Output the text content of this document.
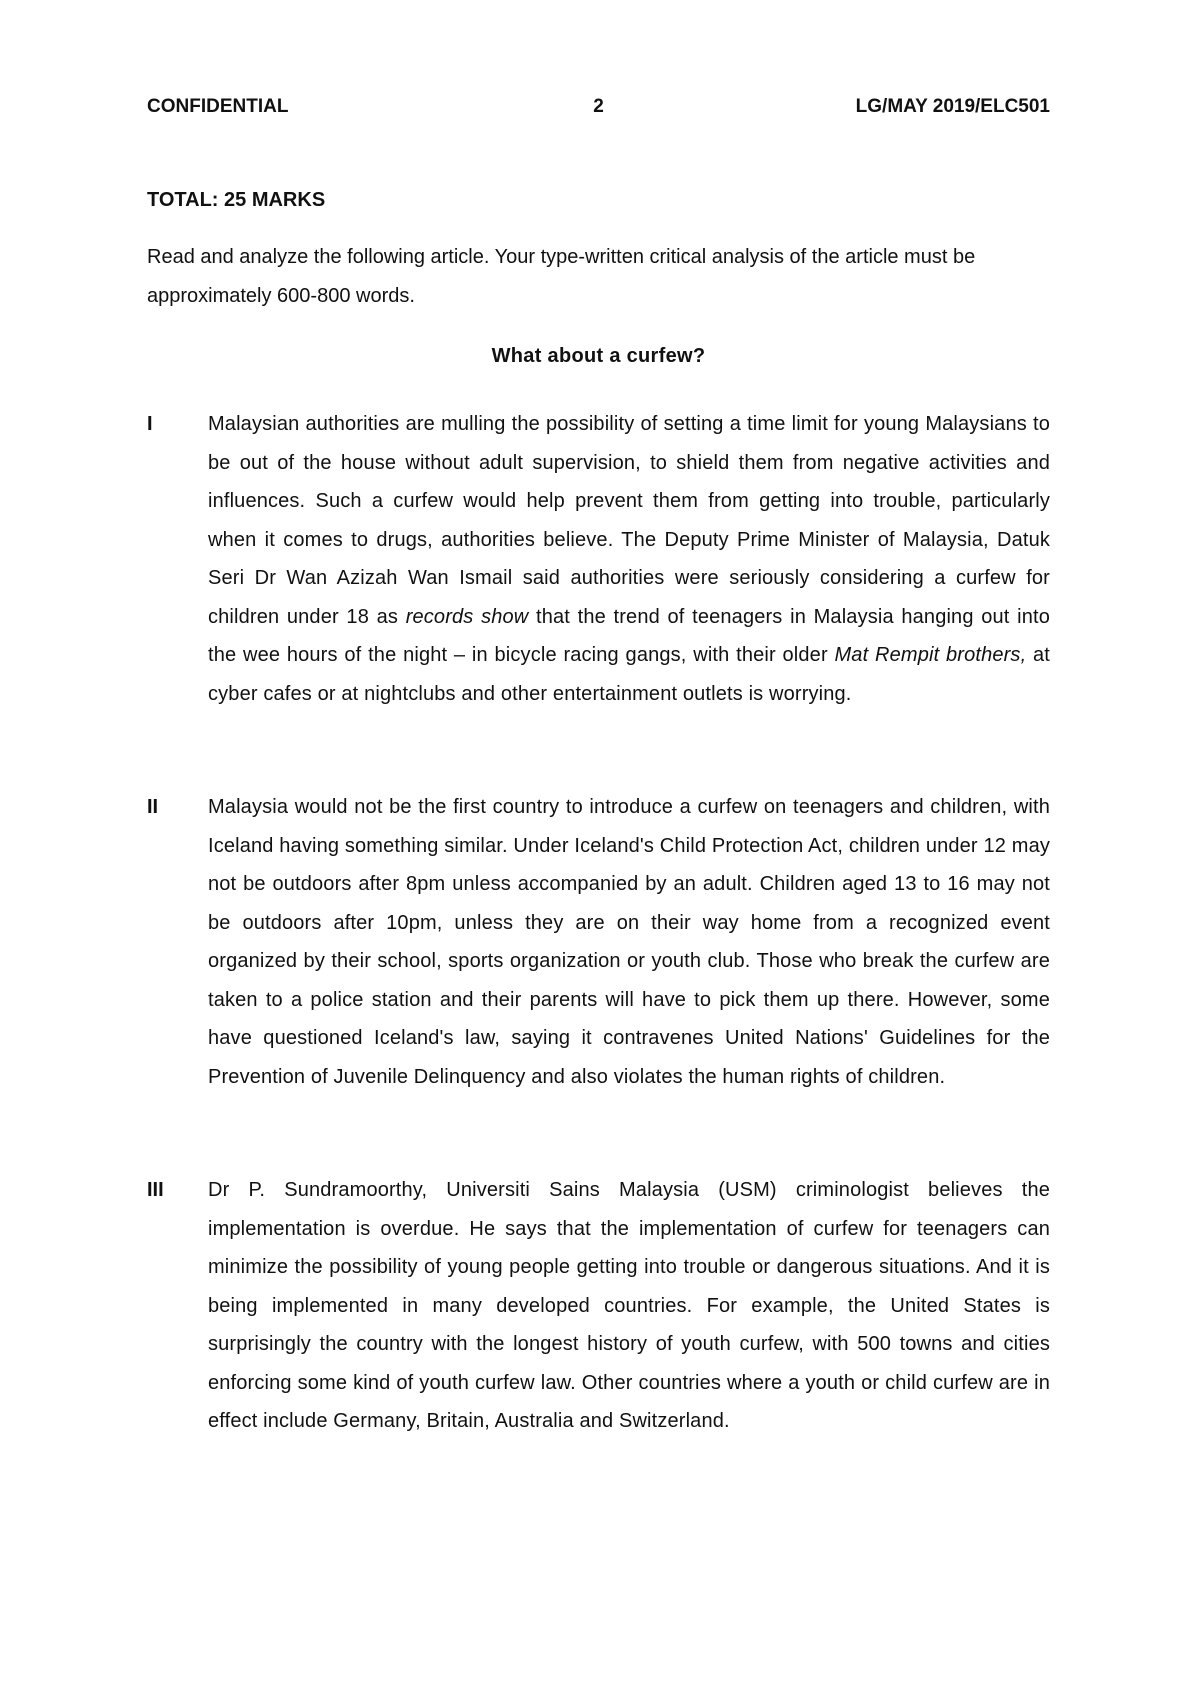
CONFIDENTIAL	2	LG/MAY 2019/ELC501
TOTAL: 25 MARKS
Read and analyze the following article. Your type-written critical analysis of the article must be approximately 600-800 words.
What about a curfew?
I	Malaysian authorities are mulling the possibility of setting a time limit for young Malaysians to be out of the house without adult supervision, to shield them from negative activities and influences. Such a curfew would help prevent them from getting into trouble, particularly when it comes to drugs, authorities believe. The Deputy Prime Minister of Malaysia, Datuk Seri Dr Wan Azizah Wan Ismail said authorities were seriously considering a curfew for children under 18 as records show that the trend of teenagers in Malaysia hanging out into the wee hours of the night – in bicycle racing gangs, with their older Mat Rempit brothers, at cyber cafes or at nightclubs and other entertainment outlets is worrying.
II Malaysia would not be the first country to introduce a curfew on teenagers and children, with Iceland having something similar. Under Iceland's Child Protection Act, children under 12 may not be outdoors after 8pm unless accompanied by an adult. Children aged 13 to 16 may not be outdoors after 10pm, unless they are on their way home from a recognized event organized by their school, sports organization or youth club. Those who break the curfew are taken to a police station and their parents will have to pick them up there. However, some have questioned Iceland's law, saying it contravenes United Nations' Guidelines for the Prevention of Juvenile Delinquency and also violates the human rights of children.
III Dr P. Sundramoorthy, Universiti Sains Malaysia (USM) criminologist believes the implementation is overdue. He says that the implementation of curfew for teenagers can minimize the possibility of young people getting into trouble or dangerous situations. And it is being implemented in many developed countries. For example, the United States is surprisingly the country with the longest history of youth curfew, with 500 towns and cities enforcing some kind of youth curfew law. Other countries where a youth or child curfew are in effect include Germany, Britain, Australia and Switzerland.
